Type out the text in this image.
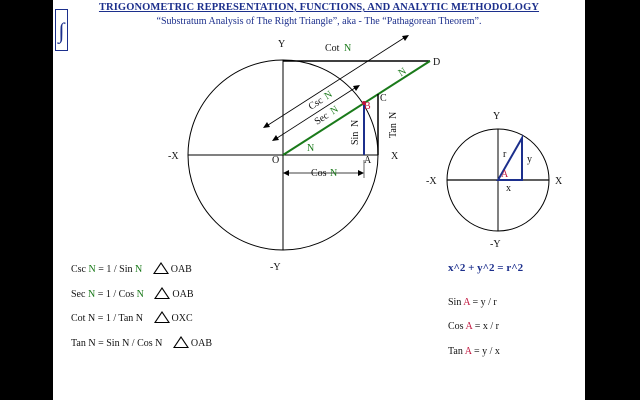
∫
TRIGONOMETRIC REPRESENTATION, FUNCTIONS, AND ANALYTIC METHODOLOGY
“Substratum Analysis of The Right Triangle”, aka - The “Pathagorean Theorem”.
Y
-Y
-X	X
O	A
B
C
D
Cot N
Csc
N
Sec
N
N
N
Sin
N	Tan
N
Cos N
Y
-Y
-X	X
A
r y
x
Csc N = 1 / Sin N	OAB
Sec N = 1 / Cos N	OAB
Cot N = 1 / Tan N	OXC
Tan N = Sin N / Cos N	OAB
x^2 + y^2 = r^2
Sin A = y / r
Cos A = x / r
Tan A = y / x
